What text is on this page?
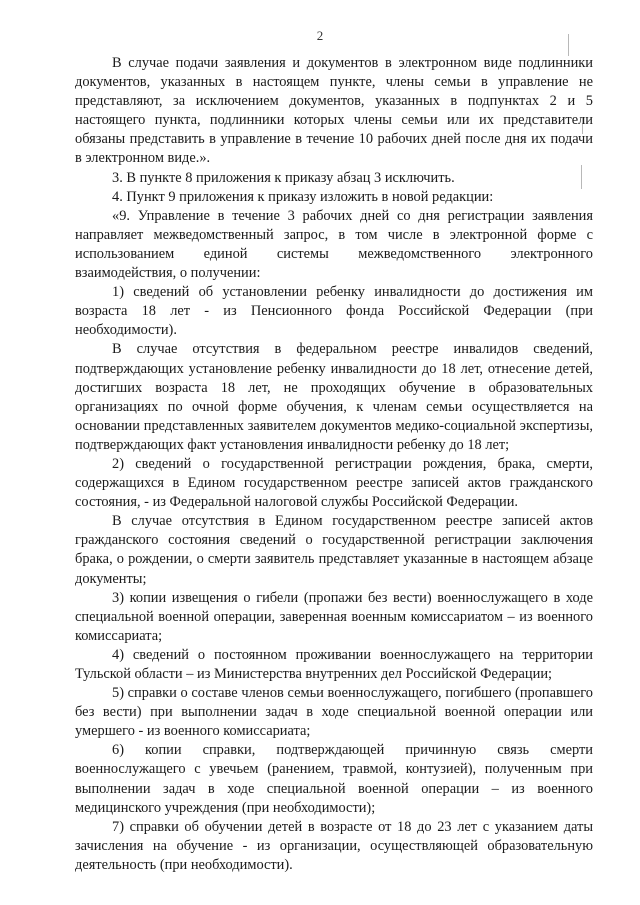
2

В случае подачи заявления и документов в электронном виде подлинники документов, указанных в настоящем пункте, члены семьи в управление не представляют, за исключением документов, указанных в подпунктах 2 и 5 настоящего пункта, подлинники которых члены семьи или их представители обязаны представить в управление в течение 10 рабочих дней после дня их подачи в электронном виде.».

3. В пункте 8 приложения к приказу абзац 3 исключить.

4. Пункт 9 приложения к приказу изложить в новой редакции:

«9. Управление в течение 3 рабочих дней со дня регистрации заявления направляет межведомственный запрос, в том числе в электронной форме с использованием единой системы межведомственного электронного взаимодействия, о получении:

1) сведений об установлении ребенку инвалидности до достижения им возраста 18 лет - из Пенсионного фонда Российской Федерации (при необходимости).

В случае отсутствия в федеральном реестре инвалидов сведений, подтверждающих установление ребенку инвалидности до 18 лет, отнесение детей, достигших возраста 18 лет, не проходящих обучение в образовательных организациях по очной форме обучения, к членам семьи осуществляется на основании представленных заявителем документов медико-социальной экспертизы, подтверждающих факт установления инвалидности ребенку до 18 лет;

2) сведений о государственной регистрации рождения, брака, смерти, содержащихся в Едином государственном реестре записей актов гражданского состояния, - из Федеральной налоговой службы Российской Федерации.

В случае отсутствия в Едином государственном реестре записей актов гражданского состояния сведений о государственной регистрации заключения брака, о рождении, о смерти заявитель представляет указанные в настоящем абзаце документы;

3) копии извещения о гибели (пропажи без вести) военнослужащего в ходе специальной военной операции, заверенная военным комиссариатом – из военного комиссариата;

4) сведений о постоянном проживании военнослужащего на территории Тульской области – из Министерства внутренних дел Российской Федерации;

5) справки о составе членов семьи военнослужащего, погибшего (пропавшего без вести) при выполнении задач в ходе специальной военной операции или умершего - из военного комиссариата;

6) копии справки, подтверждающей причинную связь смерти военнослужащего с увечьем (ранением, травмой, контузией), полученным при выполнении задач в ходе специальной военной операции – из военного медицинского учреждения (при необходимости);

7) справки об обучении детей в возрасте от 18 до 23 лет с указанием даты зачисления на обучение - из организации, осуществляющей образовательную деятельность (при необходимости).
